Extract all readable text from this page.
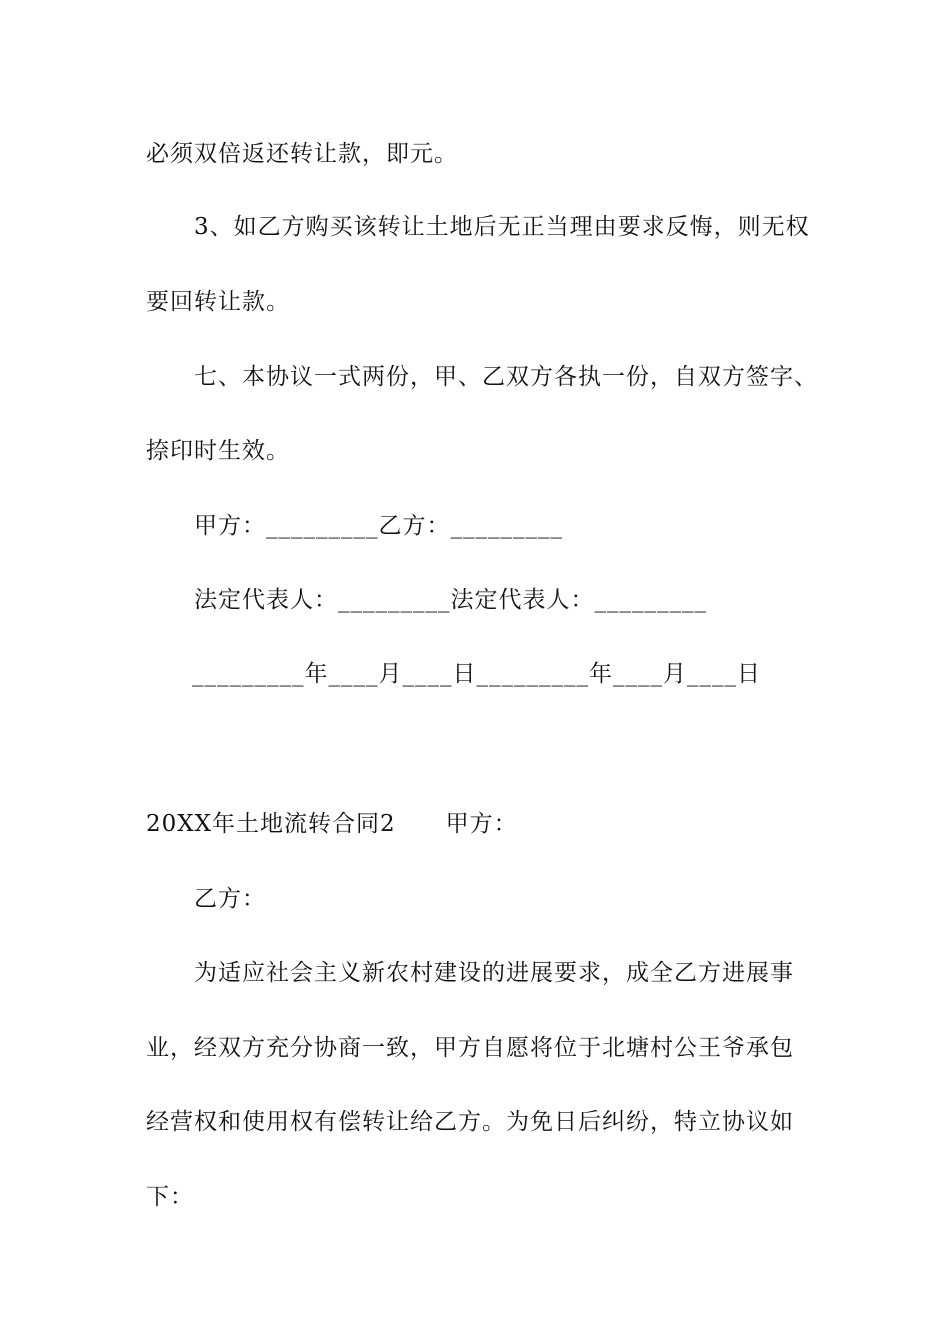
必须双倍返还转让款，即元。
3、如乙方购买该转让土地后无正当理由要求反悔，则无权
要回转让款。
七、本协议一式两份，甲、乙双方各执一份，自双方签字、
捺印时生效。
甲方：_________乙方：_________
法定代表人：_________法定代表人：_________
_________年____月____日_________年____月____日
20XX年土地流转合同2 甲方：
乙方：
为适应社会主义新农村建设的进展要求，成全乙方进展事
业，经双方充分协商一致，甲方自愿将位于北塘村公王爷承包
经营权和使用权有偿转让给乙方。为免日后纠纷，特立协议如
下：
